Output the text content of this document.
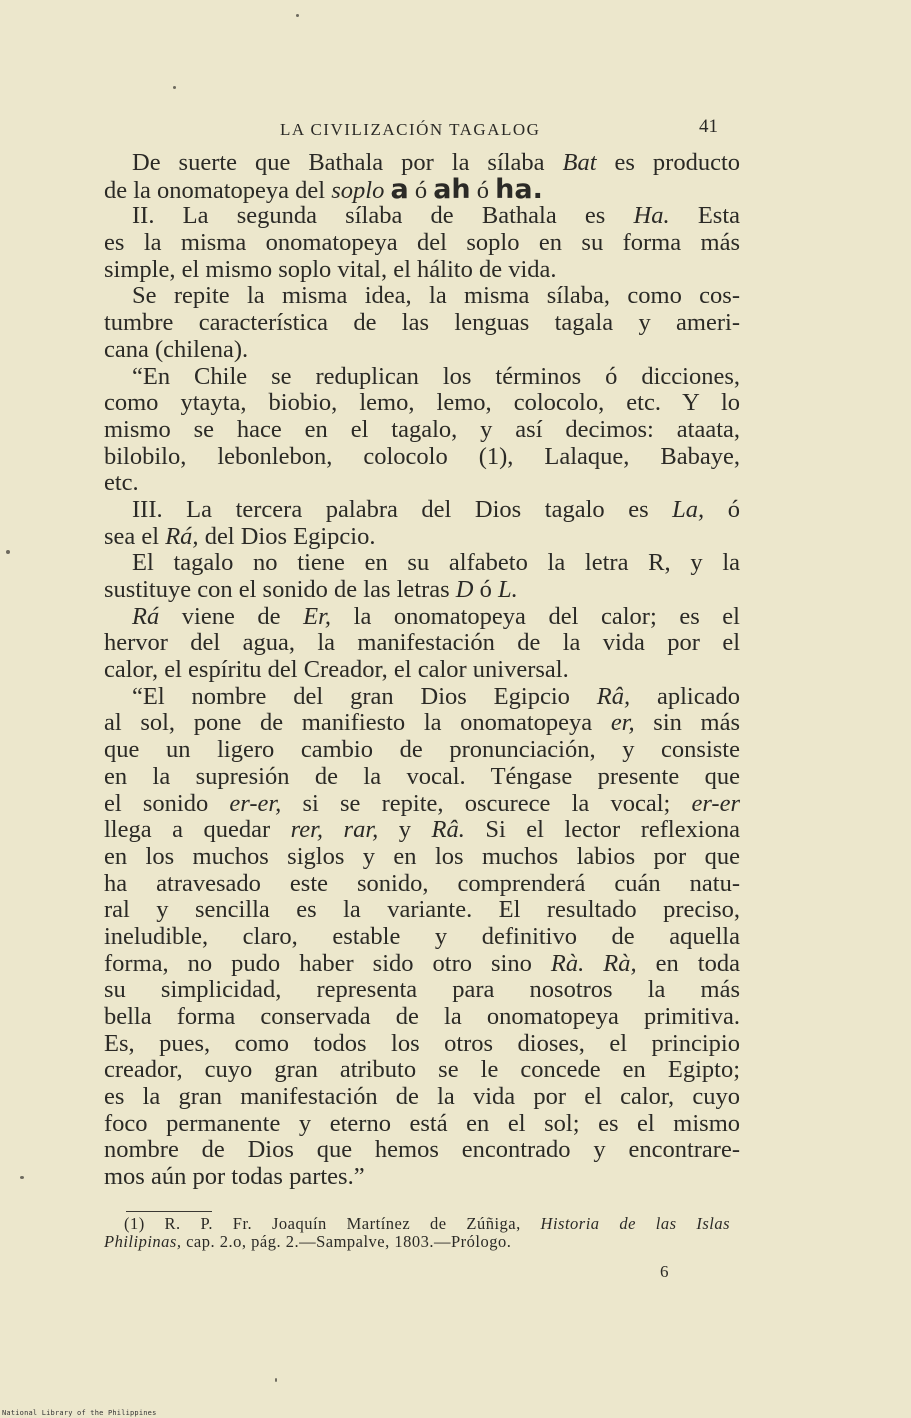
LA CIVILIZACIÓN TAGALOG	41
De suerte que Bathala por la sílaba Bat es producto
de la onomatopeya del soplo a ó ah ó ha.
II. La segunda sílaba de Bathala es Ha. Esta
es la misma onomatopeya del soplo en su forma más
simple, el mismo soplo vital, el hálito de vida.
Se repite la misma idea, la misma sílaba, como cos-
tumbre característica de las lenguas tagala y ameri-
cana (chilena).
“En Chile se reduplican los términos ó dicciones,
como ytayta, biobio, lemo, lemo, colocolo, etc. Y lo
mismo se hace en el tagalo, y así decimos: ataata,
bilobilo, lebonlebon, colocolo (1), Lalaque, Babaye,
etc.
III. La tercera palabra del Dios tagalo es La, ó
sea el Rá, del Dios Egipcio.
El tagalo no tiene en su alfabeto la letra R, y la
sustituye con el sonido de las letras D ó L.
Rá viene de Er, la onomatopeya del calor; es el
hervor del agua, la manifestación de la vida por el
calor, el espíritu del Creador, el calor universal.
“El nombre del gran Dios Egipcio Râ, aplicado
al sol, pone de manifiesto la onomatopeya er, sin más
que un ligero cambio de pronunciación, y consiste
en la supresión de la vocal. Téngase presente que
el sonido er-er, si se repite, oscurece la vocal; er-er
llega a quedar rer, rar, y Râ. Si el lector reflexiona
en los muchos siglos y en los muchos labios por que
ha atravesado este sonido, comprenderá cuán natu-
ral y sencilla es la variante. El resultado preciso,
ineludible, claro, estable y definitivo de aquella
forma, no pudo haber sido otro sino Rà. Rà, en toda
su simplicidad, representa para nosotros la más
bella forma conservada de la onomatopeya primitiva.
Es, pues, como todos los otros dioses, el principio
creador, cuyo gran atributo se le concede en Egipto;
es la gran manifestación de la vida por el calor, cuyo
foco permanente y eterno está en el sol; es el mismo
nombre de Dios que hemos encontrado y encontrare-
mos aún por todas partes.”
(1) R. P. Fr. Joaquín Martínez de Zúñiga, Historia de las Islas
Philipinas, cap. 2.o, pág. 2.—Sampalve, 1803.—Prólogo.
6
National Library of the Philippines
